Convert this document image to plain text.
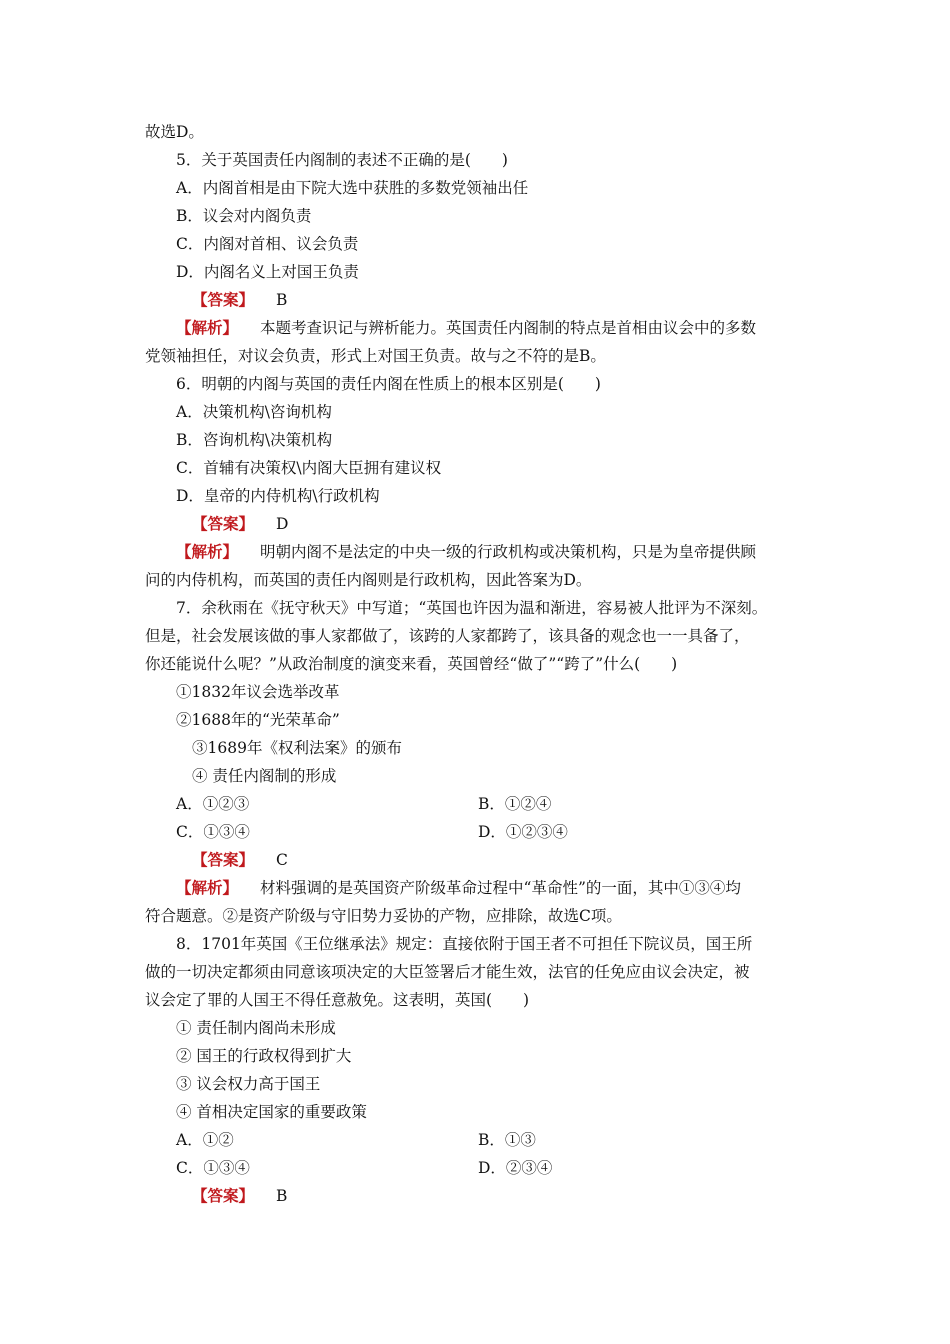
故选D。
5．关于英国责任内阁制的表述不正确的是(　　)
A．内阁首相是由下院大选中获胜的多数党领袖出任
B．议会对内阁负责
C．内阁对首相、议会负责
D．内阁名义上对国王负责
【答案】 B
【解析】 本题考查识记与辨析能力。英国责任内阁制的特点是首相由议会中的多数
党领袖担任，对议会负责，形式上对国王负责。故与之不符的是B。
6．明朝的内阁与英国的责任内阁在性质上的根本区别是(　　)
A．决策机构\咨询机构
B．咨询机构\决策机构
C．首辅有决策权\内阁大臣拥有建议权
D．皇帝的内侍机构\行政机构
【答案】 D
【解析】 明朝内阁不是法定的中央一级的行政机构或决策机构，只是为皇帝提供顾
问的内侍机构，而英国的责任内阁则是行政机构，因此答案为D。
7．余秋雨在《抚守秋天》中写道；“英国也许因为温和渐进，容易被人批评为不深刻。
但是，社会发展该做的事人家都做了，该跨的人家都跨了，该具备的观念也一一具备了，
你还能说什么呢？”从政治制度的演变来看，英国曾经“做了”“跨了”什么(　　)
①1832年议会选举改革
②1688年的“光荣革命”
③1689年《权利法案》的颁布
④ 责任内阁制的形成
A．①②③	B．①②④
C．①③④	D．①②③④
【答案】 C
【解析】 材料强调的是英国资产阶级革命过程中“革命性”的一面，其中①③④均
符合题意。②是资产阶级与守旧势力妥协的产物，应排除，故选C项。
8．1701年英国《王位继承法》规定：直接依附于国王者不可担任下院议员，国王所
做的一切决定都须由同意该项决定的大臣签署后才能生效，法官的任免应由议会决定，被
议会定了罪的人国王不得任意赦免。这表明，英国(　　)
① 责任制内阁尚未形成
② 国王的行政权得到扩大
③ 议会权力高于国王
④ 首相决定国家的重要政策
A．①②	B．①③
C．①③④	D．②③④
【答案】 B
